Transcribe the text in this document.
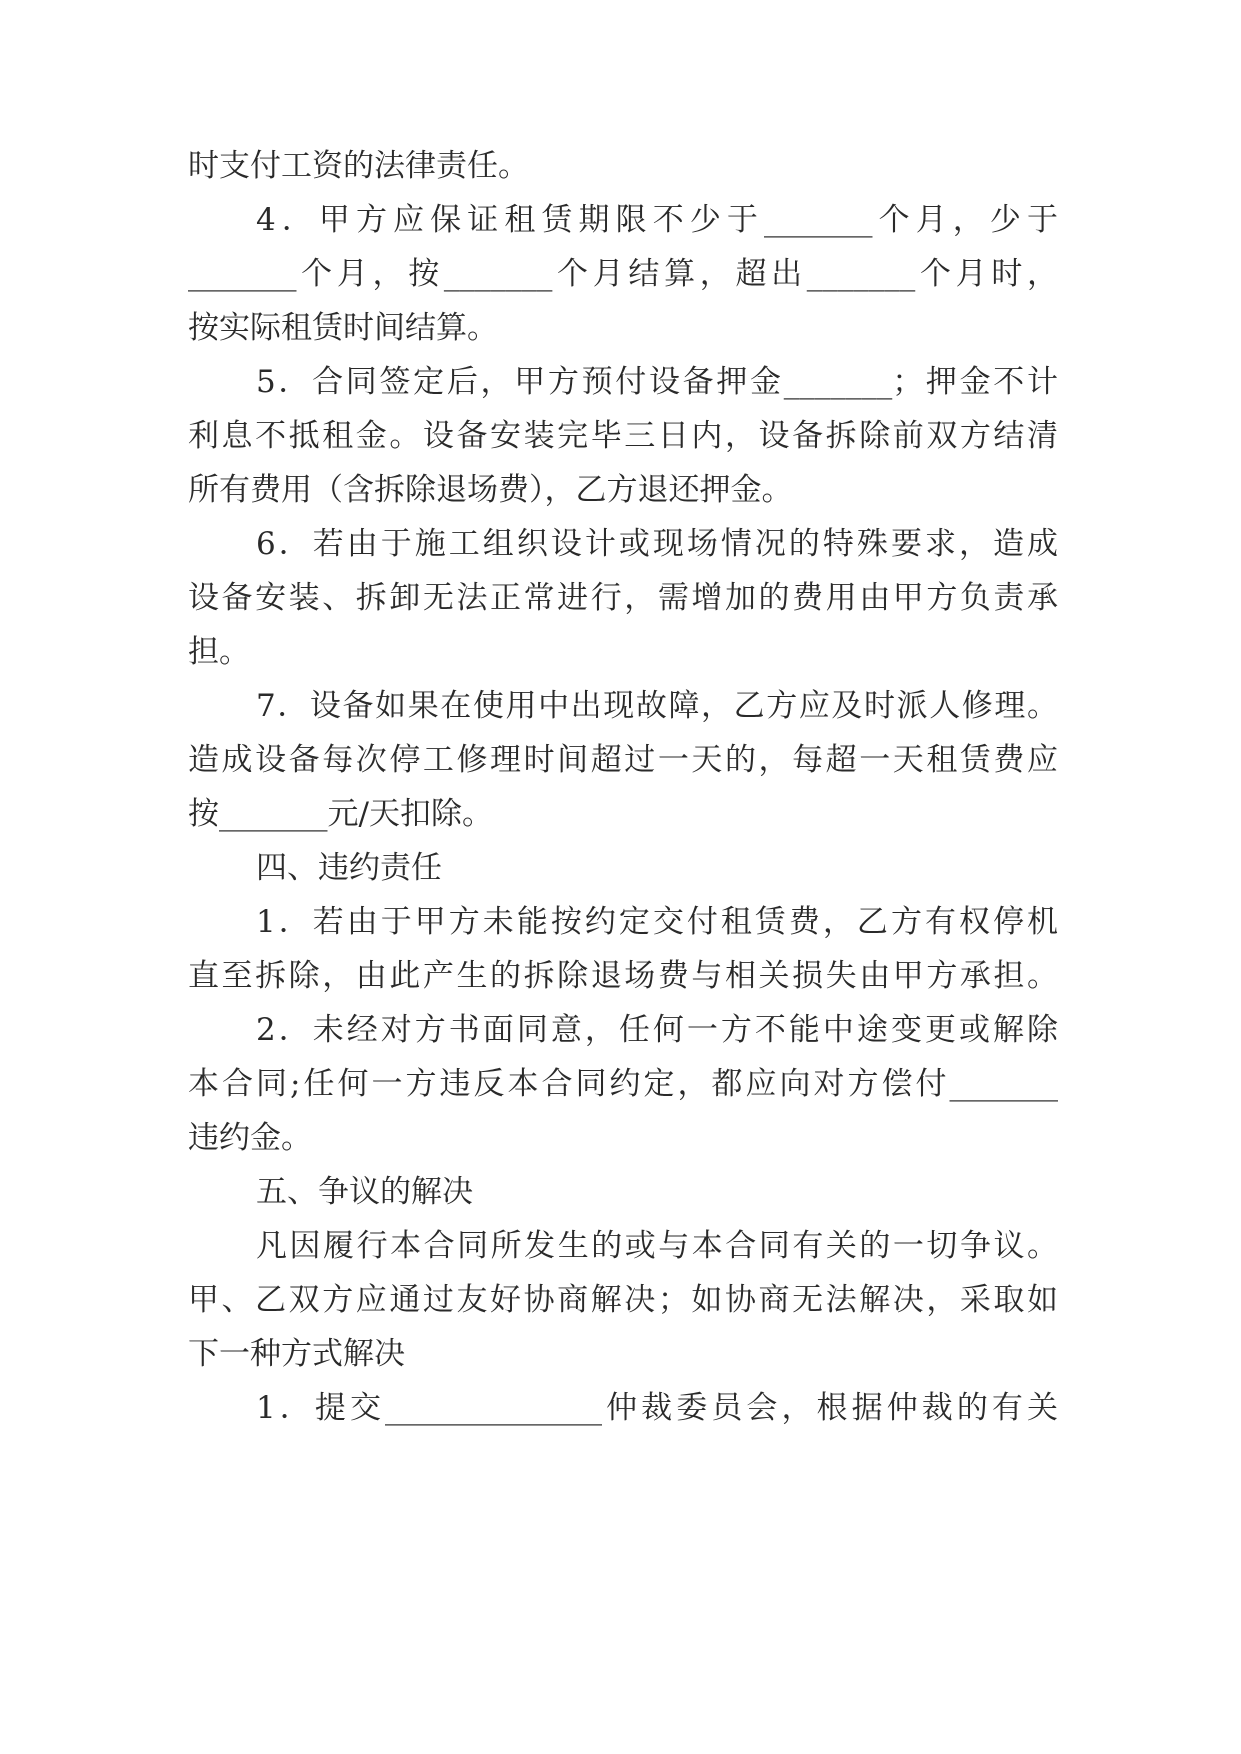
时支付工资的法律责任。

4．甲方应保证租赁期限不少于_______个月，少于

_______个月，按_______个月结算，超出_______个月时，

按实际租赁时间结算。

5．合同签定后，甲方预付设备押金_______；押金不计

利息不抵租金。设备安装完毕三日内，设备拆除前双方结清

所有费用（含拆除退场费），乙方退还押金。

6．若由于施工组织设计或现场情况的特殊要求，造成

设备安装、拆卸无法正常进行，需增加的费用由甲方负责承

担。

7．设备如果在使用中出现故障，乙方应及时派人修理。

造成设备每次停工修理时间超过一天的，每超一天租赁费应

按_______元/天扣除。

四、违约责任

1．若由于甲方未能按约定交付租赁费，乙方有权停机

直至拆除，由此产生的拆除退场费与相关损失由甲方承担。

2．未经对方书面同意，任何一方不能中途变更或解除

本合同;任何一方违反本合同约定，都应向对方偿付_______

违约金。

五、争议的解决

凡因履行本合同所发生的或与本合同有关的一切争议。

甲、乙双方应通过友好协商解决；如协商无法解决，采取如

下一种方式解决

1．提交______________仲裁委员会，根据仲裁的有关
